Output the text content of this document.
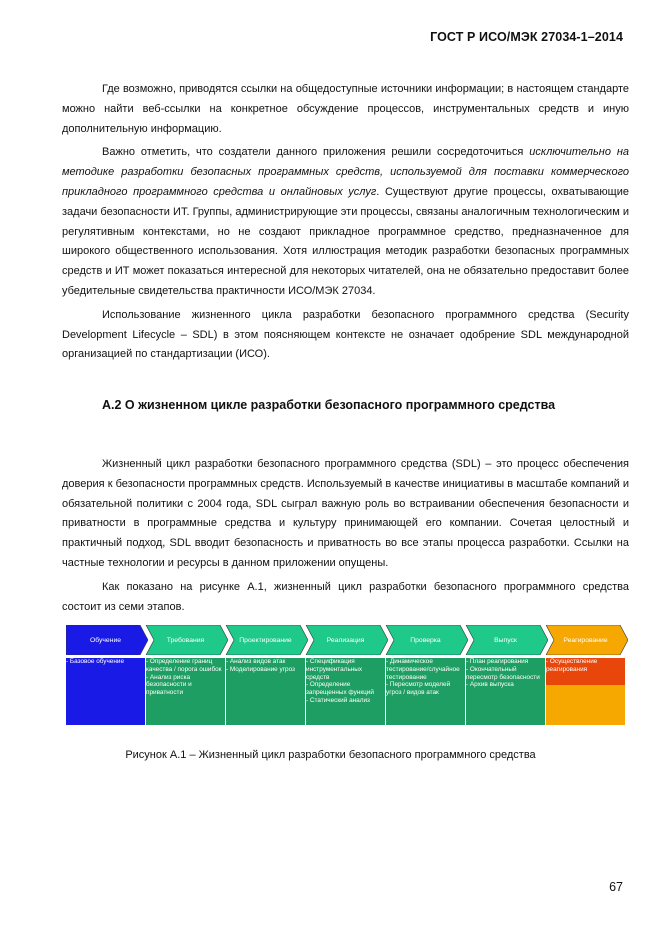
ГОСТ Р ИСО/МЭК 27034-1–2014

Где возможно, приводятся ссылки на общедоступные источники информации; в настоящем стандарте можно найти веб-ссылки на конкретное обсуждение процессов, инструментальных средств и иную дополнительную информацию.

Важно отметить, что создатели данного приложения решили сосредоточиться исключительно на методике разработки безопасных программных средств, используемой для поставки коммерческого прикладного программного средства и онлайновых услуг. Существуют другие процессы, охватывающие задачи безопасности ИТ. Группы, администрирующие эти процессы, связаны аналогичным технологическим и регулятивным контекстами, но не создают прикладное программное средство, предназначенное для широкого общественного использования. Хотя иллюстрация методик разработки безопасных программных средств и ИТ может показаться интересной для некоторых читателей, она не обязательно предоставит более убедительные свидетельства практичности ИСО/МЭК 27034.

Использование жизненного цикла разработки безопасного программного средства (Security Development Lifecycle – SDL) в этом поясняющем контексте не означает одобрение SDL международной организацией по стандартизации (ИСО).

А.2 О жизненном цикле разработки безопасного программного средства

Жизненный цикл разработки безопасного программного средства (SDL) – это процесс обеспечения доверия к безопасности программных средств. Используемый в качестве инициативы в масштабе компаний и обязательной политики с 2004 года, SDL сыграл важную роль во встраивании обеспечения безопасности и приватности в программные средства и культуру принимающей его компании. Сочетая целостный и практичный подход, SDL вводит безопасность и приватность во все этапы процесса разработки. Ссылки на частные технологии и ресурсы в данном приложении опущены.

Как показано на рисунке А.1, жизненный цикл разработки безопасного программного средства состоит из семи этапов.

Обучение
- Базовое обучение
Требования
- Определение границ качества / порога ошибок
- Анализ риска безопасности и приватности
Проектирование
- Анализ видов атак
- Моделирование угроз
Реализация
- Спецификация инструментальных средств
- Определение запрещенных функций
- Статический анализ
Проверка
- Динамическое тестирование/случайное тестирование
- Пересмотр моделей угроз / видов атак
Выпуск
- План реагирования
- Окончательный пересмотр безопасности
- Архив выпуска
Реагирование
- Осуществление реагирования
Рисунок А.1 – Жизненный цикл разработки безопасного программного средства
67
